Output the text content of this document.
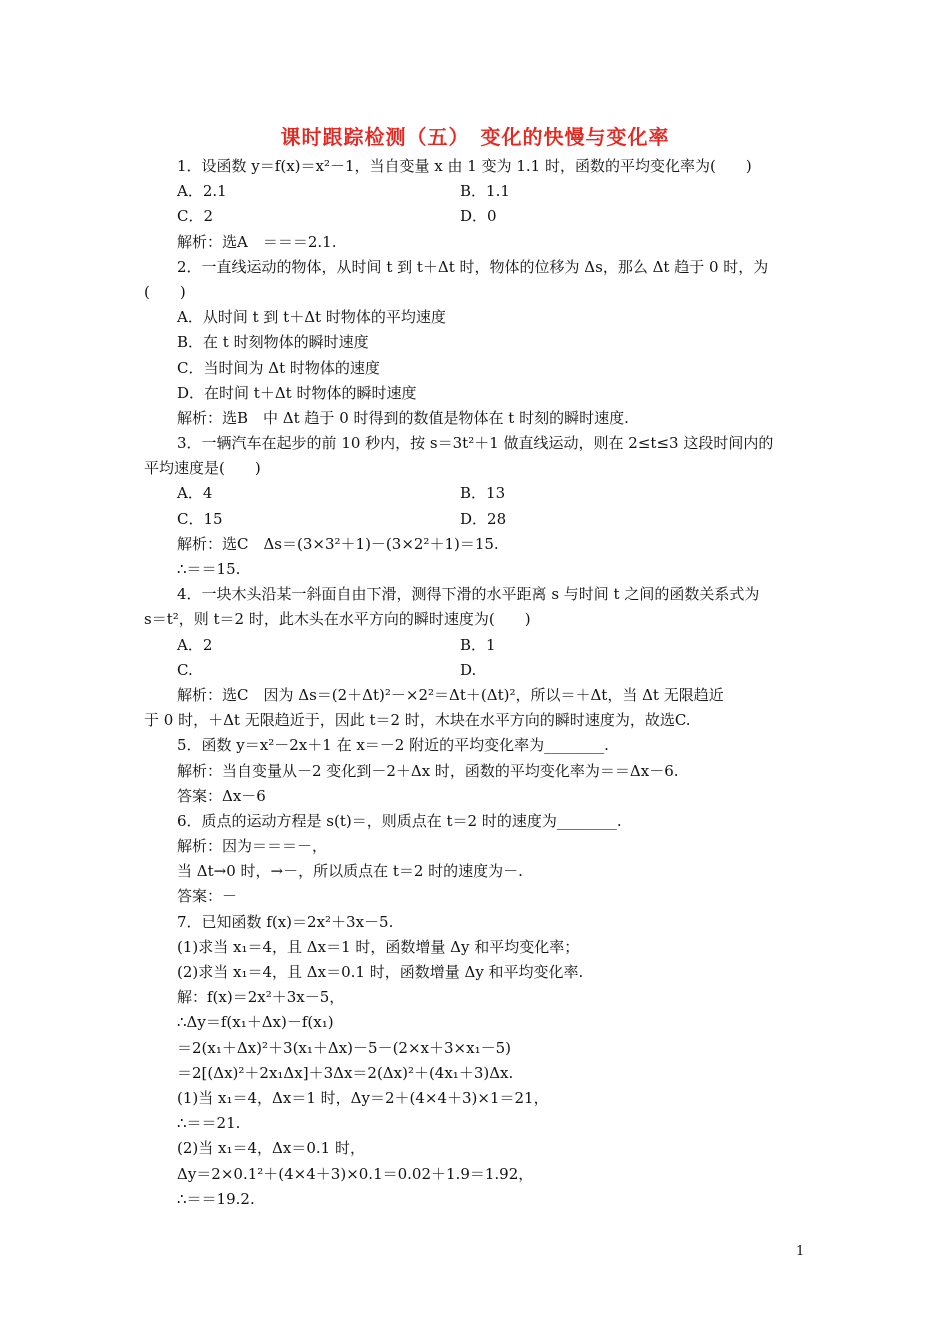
课时跟踪检测（五）　变化的快慢与变化率
1．设函数 y＝f(x)＝x²－1，当自变量 x 由 1 变为 1.1 时，函数的平均变化率为(　　)
A．2.1	B．1.1
C．2	D．0
解析：选A　＝＝＝2.1.
2．一直线运动的物体，从时间 t 到 t＋Δt 时，物体的位移为 Δs，那么 Δt 趋于 0 时，为
(　　)
A．从时间 t 到 t＋Δt 时物体的平均速度
B．在 t 时刻物体的瞬时速度
C．当时间为 Δt 时物体的速度
D．在时间 t＋Δt 时物体的瞬时速度
解析：选B　中 Δt 趋于 0 时得到的数值是物体在 t 时刻的瞬时速度.
3．一辆汽车在起步的前 10 秒内，按 s＝3t²＋1 做直线运动，则在 2≤t≤3 这段时间内的
平均速度是(　　)
A．4	B．13
C．15	D．28
解析：选C　Δs＝(3×3²＋1)－(3×2²＋1)＝15.
∴＝＝15.
4．一块木头沿某一斜面自由下滑，测得下滑的水平距离 s 与时间 t 之间的函数关系式为
s＝t²，则 t＝2 时，此木头在水平方向的瞬时速度为(　　)
A．2	B．1
C.	D.
解析：选C　因为 Δs＝(2＋Δt)²－×2²＝Δt＋(Δt)²，所以＝＋Δt，当 Δt 无限趋近
于 0 时，＋Δt 无限趋近于，因此 t＝2 时，木块在水平方向的瞬时速度为，故选C.
5．函数 y＝x²－2x＋1 在 x＝－2 附近的平均变化率为________.
解析：当自变量从－2 变化到－2＋Δx 时，函数的平均变化率为＝＝Δx－6.
答案：Δx－6
6．质点的运动方程是 s(t)＝，则质点在 t＝2 时的速度为________.
解析：因为＝＝＝－，
当 Δt→0 时，→－，所以质点在 t＝2 时的速度为－.
答案：－
7．已知函数 f(x)＝2x²＋3x－5.
(1)求当 x₁＝4，且 Δx＝1 时，函数增量 Δy 和平均变化率；
(2)求当 x₁＝4，且 Δx＝0.1 时，函数增量 Δy 和平均变化率.
解：f(x)＝2x²＋3x－5，
∴Δy＝f(x₁＋Δx)－f(x₁)
＝2(x₁＋Δx)²＋3(x₁＋Δx)－5－(2×x＋3×x₁－5)
＝2[(Δx)²＋2x₁Δx]＋3Δx＝2(Δx)²＋(4x₁＋3)Δx.
(1)当 x₁＝4，Δx＝1 时，Δy＝2＋(4×4＋3)×1＝21，
∴＝＝21.
(2)当 x₁＝4，Δx＝0.1 时，
Δy＝2×0.1²＋(4×4＋3)×0.1＝0.02＋1.9＝1.92，
∴＝＝19.2.
1
